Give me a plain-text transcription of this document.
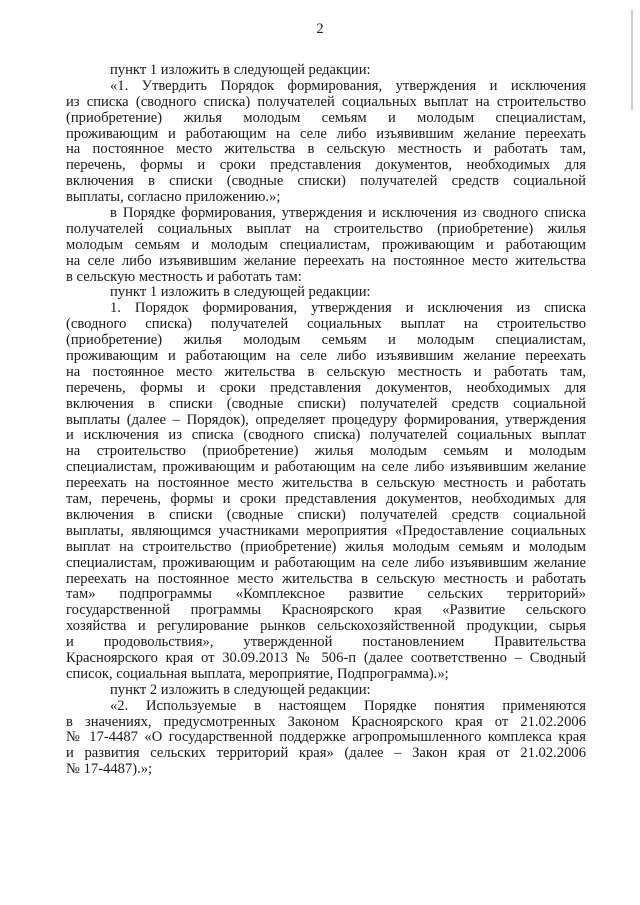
2
пункт 1 изложить в следующей редакции:
«1. Утвердить Порядок формирования, утверждения и исключения
из списка (сводного списка) получателей социальных выплат на строительство
(приобретение) жилья молодым семьям и молодым специалистам,
проживающим и работающим на селе либо изъявившим желание переехать
на постоянное место жительства в сельскую местность и работать там,
перечень, формы и сроки представления документов, необходимых для
включения в списки (сводные списки) получателей средств социальной
выплаты, согласно приложению.»;
в Порядке формирования, утверждения и исключения из сводного списка
получателей социальных выплат на строительство (приобретение) жилья
молодым семьям и молодым специалистам, проживающим и работающим
на селе либо изъявившим желание переехать на постоянное место жительства
в сельскую местность и работать там:
пункт 1 изложить в следующей редакции:
1. Порядок формирования, утверждения и исключения из списка
(сводного списка) получателей социальных выплат на строительство
(приобретение) жилья молодым семьям и молодым специалистам,
проживающим и работающим на селе либо изъявившим желание переехать
на постоянное место жительства в сельскую местность и работать там,
перечень, формы и сроки представления документов, необходимых для
включения в списки (сводные списки) получателей средств социальной
выплаты (далее – Порядок), определяет процедуру формирования, утверждения
и исключения из списка (сводного списка) получателей социальных выплат
на строительство (приобретение) жилья молодым семьям и молодым
специалистам, проживающим и работающим на селе либо изъявившим желание
переехать на постоянное место жительства в сельскую местность и работать
там, перечень, формы и сроки представления документов, необходимых для
включения в списки (сводные списки) получателей средств социальной
выплаты, являющимся участниками мероприятия «Предоставление социальных
выплат на строительство (приобретение) жилья молодым семьям и молодым
специалистам, проживающим и работающим на селе либо изъявившим желание
переехать на постоянное место жительства в сельскую местность и работать
там» подпрограммы «Комплексное развитие сельских территорий»
государственной программы Красноярского края «Развитие сельского
хозяйства и регулирование рынков сельскохозяйственной продукции, сырья
и продовольствия», утвержденной постановлением Правительства
Красноярского края от 30.09.2013 № 506-п (далее соответственно – Сводный
список, социальная выплата, мероприятие, Подпрограмма).»;
пункт 2 изложить в следующей редакции:
«2. Используемые в настоящем Порядке понятия применяются
в значениях, предусмотренных Законом Красноярского края от 21.02.2006
№ 17-4487 «О государственной поддержке агропромышленного комплекса края
и развития сельских территорий края» (далее – Закон края от 21.02.2006
№ 17-4487).»;
